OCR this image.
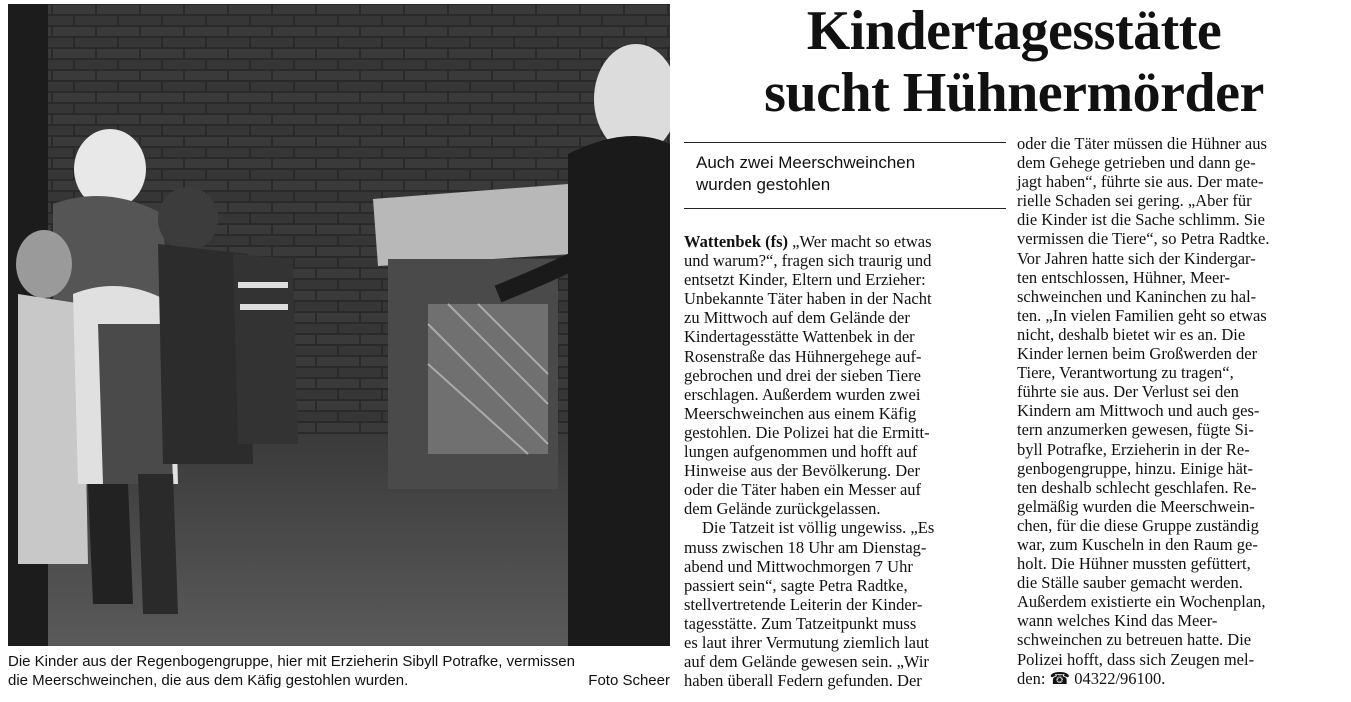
Die Kinder aus der Regenbogengruppe, hier mit Erzieherin Sibyll Potrafke, vermissen
die Meerschweinchen, die aus dem Käfig gestohlen wurden.	Foto Scheer
Kindertagesstätte
sucht Hühnermörder
Auch zwei Meerschweinchen
wurden gestohlen
Wattenbek (fs) „Wer macht so etwas
und warum?“, fragen sich traurig und
entsetzt Kinder, Eltern und Erzieher:
Unbekannte Täter haben in der Nacht
zu Mittwoch auf dem Gelände der
Kindertagesstätte Wattenbek in der
Rosenstraße das Hühnergehege auf-
gebrochen und drei der sieben Tiere
erschlagen. Außerdem wurden zwei
Meerschweinchen aus einem Käfig
gestohlen. Die Polizei hat die Ermitt-
lungen aufgenommen und hofft auf
Hinweise aus der Bevölkerung. Der
oder die Täter haben ein Messer auf
dem Gelände zurückgelassen.
Die Tatzeit ist völlig ungewiss. „Es
muss zwischen 18 Uhr am Dienstag-
abend und Mittwochmorgen 7 Uhr
passiert sein“, sagte Petra Radtke,
stellvertretende Leiterin der Kinder-
tagesstätte. Zum Tatzeitpunkt muss
es laut ihrer Vermutung ziemlich laut
auf dem Gelände gewesen sein. „Wir
haben überall Federn gefunden. Der
oder die Täter müssen die Hühner aus
dem Gehege getrieben und dann ge-
jagt haben“, führte sie aus. Der mate-
rielle Schaden sei gering. „Aber für
die Kinder ist die Sache schlimm. Sie
vermissen die Tiere“, so Petra Radtke.
Vor Jahren hatte sich der Kindergar-
ten entschlossen, Hühner, Meer-
schweinchen und Kaninchen zu hal-
ten. „In vielen Familien geht so etwas
nicht, deshalb bietet wir es an. Die
Kinder lernen beim Großwerden der
Tiere, Verantwortung zu tragen“,
führte sie aus. Der Verlust sei den
Kindern am Mittwoch und auch ges-
tern anzumerken gewesen, fügte Si-
byll Potrafke, Erzieherin in der Re-
genbogengruppe, hinzu. Einige hät-
ten deshalb schlecht geschlafen. Re-
gelmäßig wurden die Meerschwein-
chen, für die diese Gruppe zuständig
war, zum Kuscheln in den Raum ge-
holt. Die Hühner mussten gefüttert,
die Ställe sauber gemacht werden.
Außerdem existierte ein Wochenplan,
wann welches Kind das Meer-
schweinchen zu betreuen hatte. Die
Polizei hofft, dass sich Zeugen mel-
den: ☎ 04322/96100.
